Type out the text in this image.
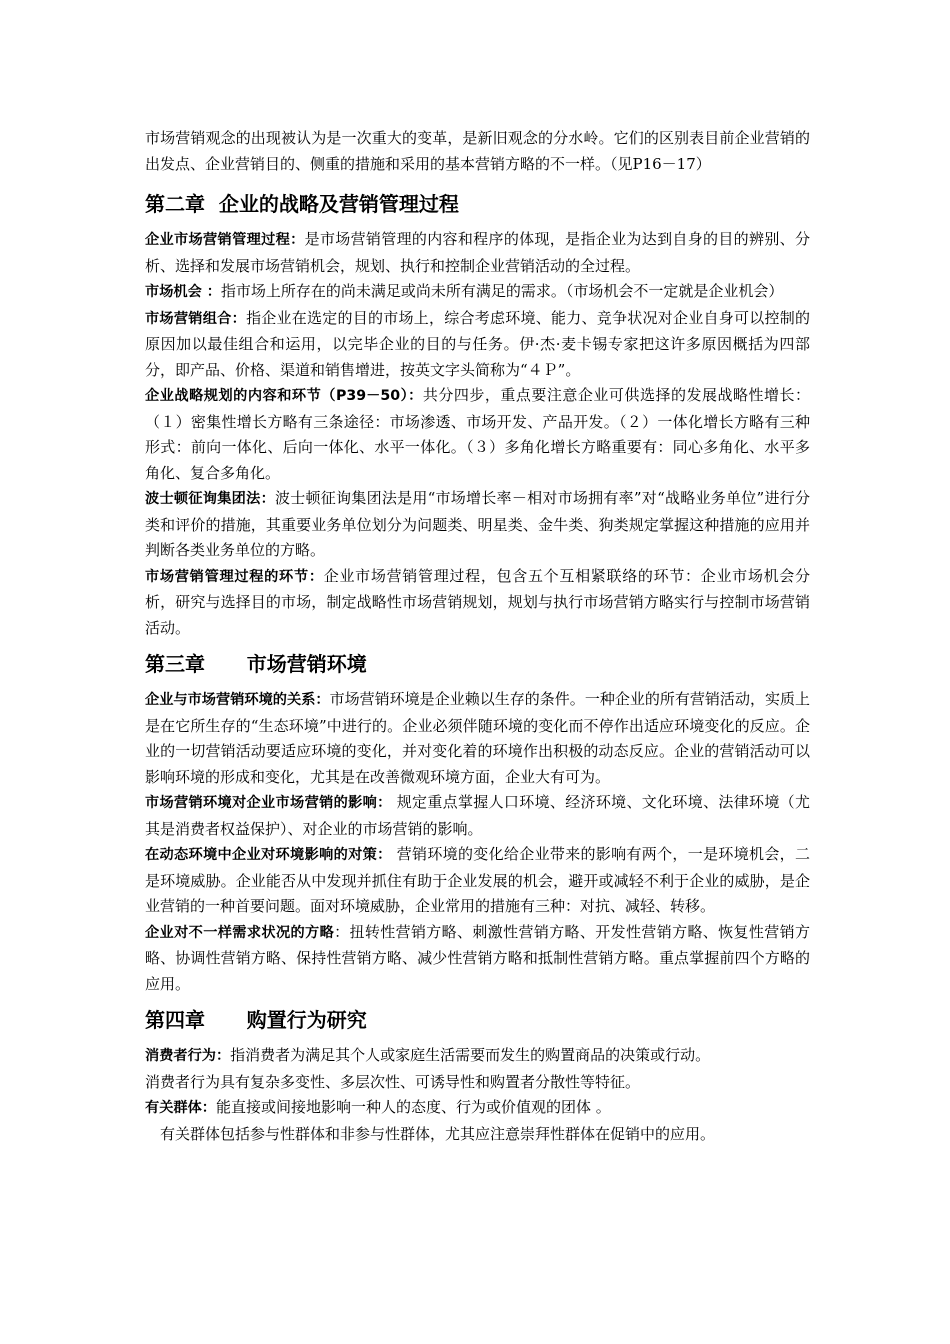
市场营销观念的出现被认为是一次重大的变革，是新旧观念的分水岭。它们的区别表目前企业营销的出发点、企业营销目的、侧重的措施和采用的基本营销方略的不一样。（见P16－17）

第二章  企业的战略及营销管理过程

企业市场营销管理过程：是市场营销管理的内容和程序的体现，是指企业为达到自身的目的辨别、分析、选择和发展市场营销机会，规划、执行和控制企业营销活动的全过程。

市场机会 ：指市场上所存在的尚未满足或尚未所有满足的需求。（市场机会不一定就是企业机会）

市场营销组合：指企业在选定的目的市场上，综合考虑环境、能力、竞争状况对企业自身可以控制的原因加以最佳组合和运用，以完毕企业的目的与任务。伊·杰·麦卡锡专家把这许多原因概括为四部分，即产品、价格、渠道和销售增进，按英文字头简称为“４Ｐ”。

企业战略规划的内容和环节（P39－50）：共分四步，重点要注意企业可供选择的发展战略性增长：（１）密集性增长方略有三条途径：市场渗透、市场开发、产品开发。（２）一体化增长方略有三种形式：前向一体化、后向一体化、水平一体化。（３）多角化增长方略重要有：同心多角化、水平多角化、复合多角化。

波士顿征询集团法：波士顿征询集团法是用“市场增长率－相对市场拥有率”对“战略业务单位”进行分类和评价的措施，其重要业务单位划分为问题类、明星类、金牛类、狗类规定掌握这种措施的应用并判断各类业务单位的方略。

市场营销管理过程的环节：企业市场营销管理过程，包含五个互相紧联络的环节：企业市场机会分析，研究与选择目的市场，制定战略性市场营销规划，规划与执行市场营销方略实行与控制市场营销活动。

第三章      市场营销环境

企业与市场营销环境的关系：市场营销环境是企业赖以生存的条件。一种企业的所有营销活动，实质上是在它所生存的“生态环境”中进行的。企业必须伴随环境的变化而不停作出适应环境变化的反应。企业的一切营销活动要适应环境的变化，并对变化着的环境作出积极的动态反应。企业的营销活动可以影响环境的形成和变化，尤其是在改善微观环境方面，企业大有可为。

市场营销环境对企业市场营销的影响： 规定重点掌握人口环境、经济环境、文化环境、法律环境（尤其是消费者权益保护）、对企业的市场营销的影响。

在动态环境中企业对环境影响的对策： 营销环境的变化给企业带来的影响有两个，一是环境机会，二是环境威胁。企业能否从中发现并抓住有助于企业发展的机会，避开或减轻不利于企业的威胁，是企业营销的一种首要问题。面对环境威胁，企业常用的措施有三种：对抗、减轻、转移。

企业对不一样需求状况的方略：扭转性营销方略、刺激性营销方略、开发性营销方略、恢复性营销方略、协调性营销方略、保持性营销方略、减少性营销方略和抵制性营销方略。重点掌握前四个方略的应用。

第四章      购置行为研究

消费者行为：指消费者为满足其个人或家庭生活需要而发生的购置商品的决策或行动。

消费者行为具有复杂多变性、多层次性、可诱导性和购置者分散性等特征。

有关群体：能直接或间接地影响一种人的态度、行为或价值观的团体 。

有关群体包括参与性群体和非参与性群体，尤其应注意崇拜性群体在促销中的应用。
